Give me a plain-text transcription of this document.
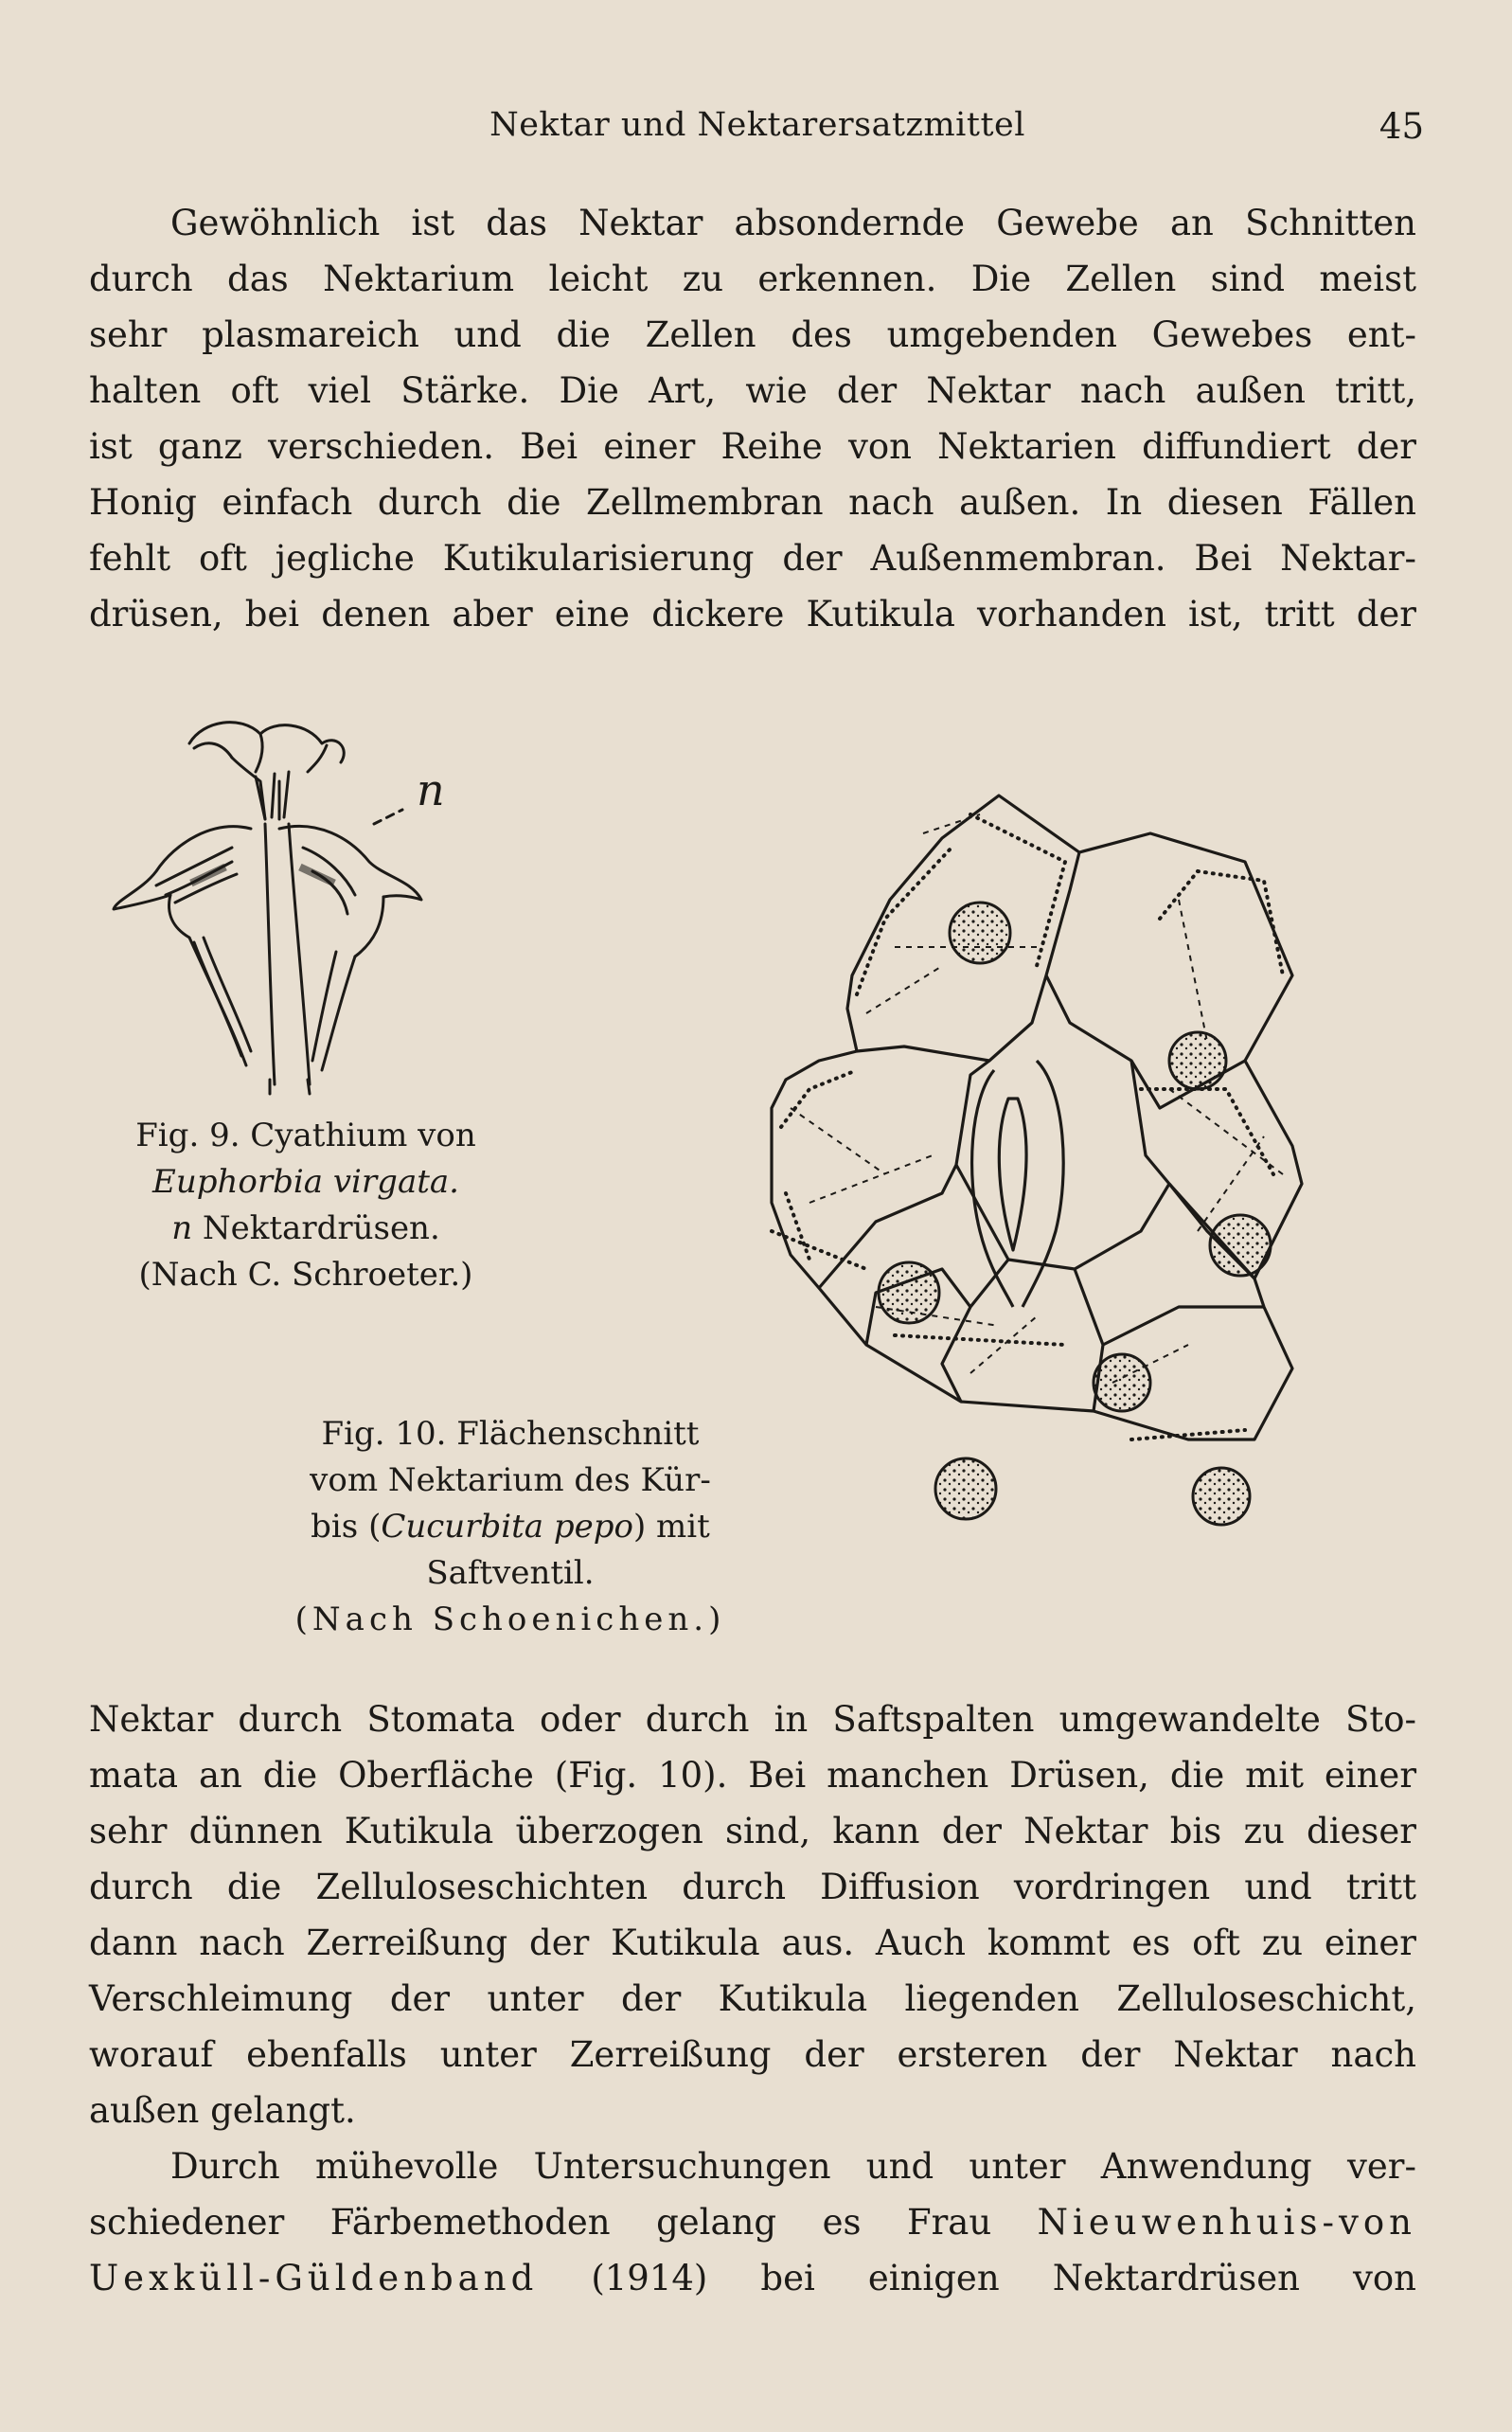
Nektar und Nektarersatzmittel	45
Gewöhnlich ist das Nektar absondernde Gewebe an Schnitten
durch das Nektarium leicht zu erkennen. Die Zellen sind meist
sehr plasmareich und die Zellen des umgebenden Gewebes ent-
halten oft viel Stärke. Die Art, wie der Nektar nach außen tritt,
ist ganz verschieden. Bei einer Reihe von Nektarien diffundiert der
Honig einfach durch die Zellmembran nach außen. In diesen Fällen
fehlt oft jegliche Kutikularisierung der Außenmembran. Bei Nektar-
drüsen, bei denen aber eine dickere Kutikula vorhanden ist, tritt der
n
Fig. 9. Cyathium von
Euphorbia virgata.
n Nektardrüsen.
(Nach C. Schroeter.)
Fig. 10. Flächenschnitt
vom Nektarium des Kür-
bis (Cucurbita pepo) mit
Saftventil.
(Nach Schoenichen.)
Nektar durch Stomata oder durch in Saftspalten umgewandelte Sto-
mata an die Oberfläche (Fig. 10). Bei manchen Drüsen, die mit einer
sehr dünnen Kutikula überzogen sind, kann der Nektar bis zu dieser
durch die Zelluloseschichten durch Diffusion vordringen und tritt
dann nach Zerreißung der Kutikula aus. Auch kommt es oft zu einer
Verschleimung der unter der Kutikula liegenden Zelluloseschicht,
worauf ebenfalls unter Zerreißung der ersteren der Nektar nach
außen gelangt.
Durch mühevolle Untersuchungen und unter Anwendung ver-
schiedener Färbemethoden gelang es Frau Nieuwenhuis-von
Uexküll-Güldenband (1914) bei einigen Nektardrüsen von
